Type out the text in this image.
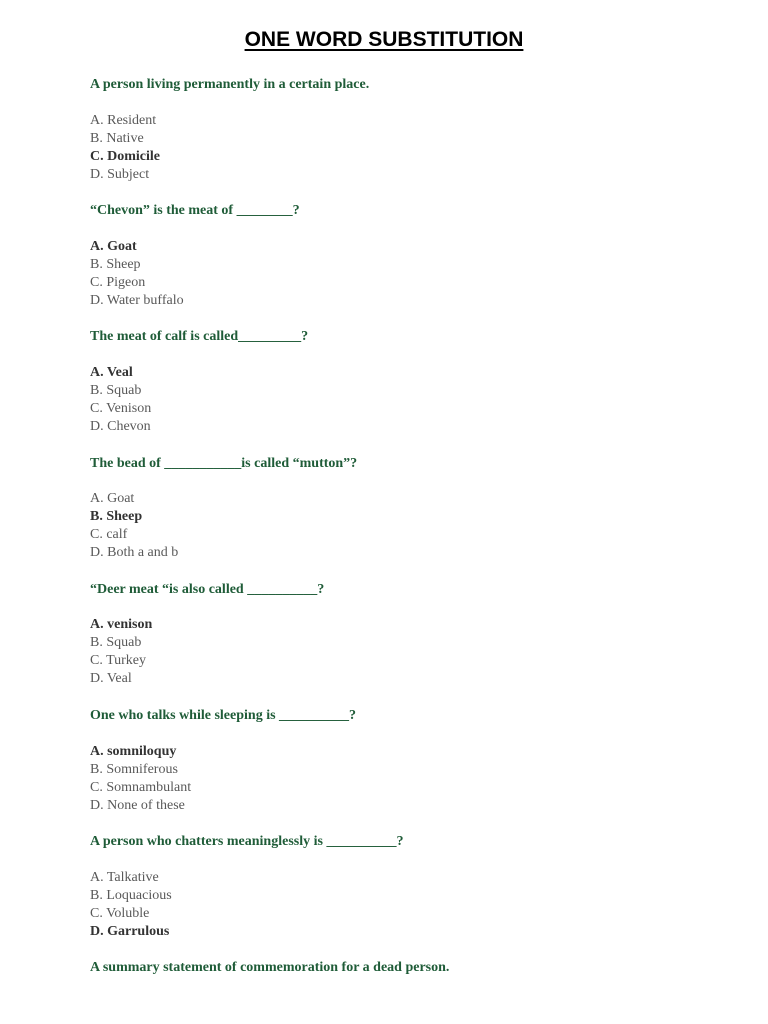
ONE WORD SUBSTITUTION

A person living permanently in a certain place.

A. Resident

B. Native

C. Domicile

D. Subject

“Chevon” is the meat of ________?

A. Goat

B. Sheep

C. Pigeon

D. Water buffalo

The meat of calf is called_________?

A. Veal

B. Squab

C. Venison

D. Chevon

The bead of ___________is called “mutton”?

A. Goat

B. Sheep

C. calf

D. Both a and b

“Deer meat “is also called __________?

A. venison

B. Squab

C. Turkey

D. Veal

One who talks while sleeping is __________?

A. somniloquy

B. Somniferous

C. Somnambulant

D. None of these

A person who chatters meaninglessly is __________?

A. Talkative

B. Loquacious

C. Voluble

D. Garrulous

A summary statement of commemoration for a dead person.
